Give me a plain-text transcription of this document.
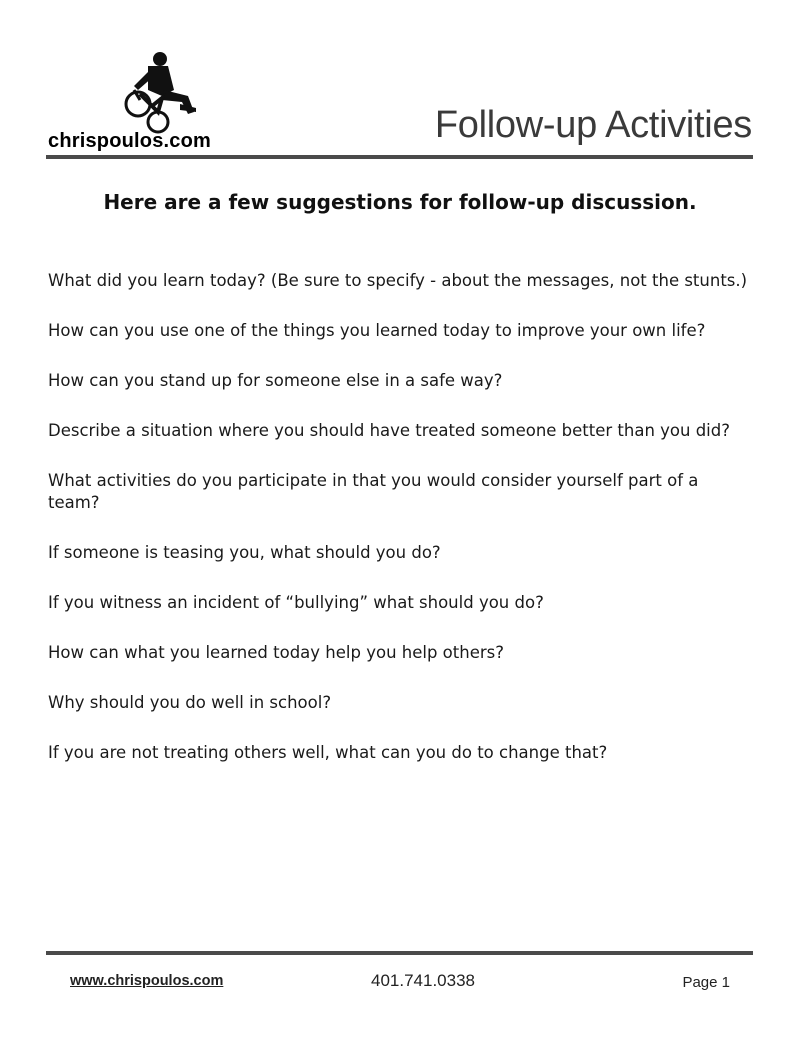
chrispoulos.com	Follow-up Activities
Here are a few suggestions for follow-up discussion.
What did you learn today? (Be sure to specify - about the messages, not the stunts.)
How can you use one of the things you learned today to improve your own life?
How can you stand up for someone else in a safe way?
Describe a situation where you should have treated someone better than you did?
What activities do you participate in that you would consider yourself part of a team?
If someone is teasing you, what should you do?
If you witness an incident of “bullying” what should you do?
How can what you learned today help you help others?
Why should you do well in school?
If you are not treating others well, what can you do to change that?
www.chrispoulos.com	401.741.0338	Page 1
